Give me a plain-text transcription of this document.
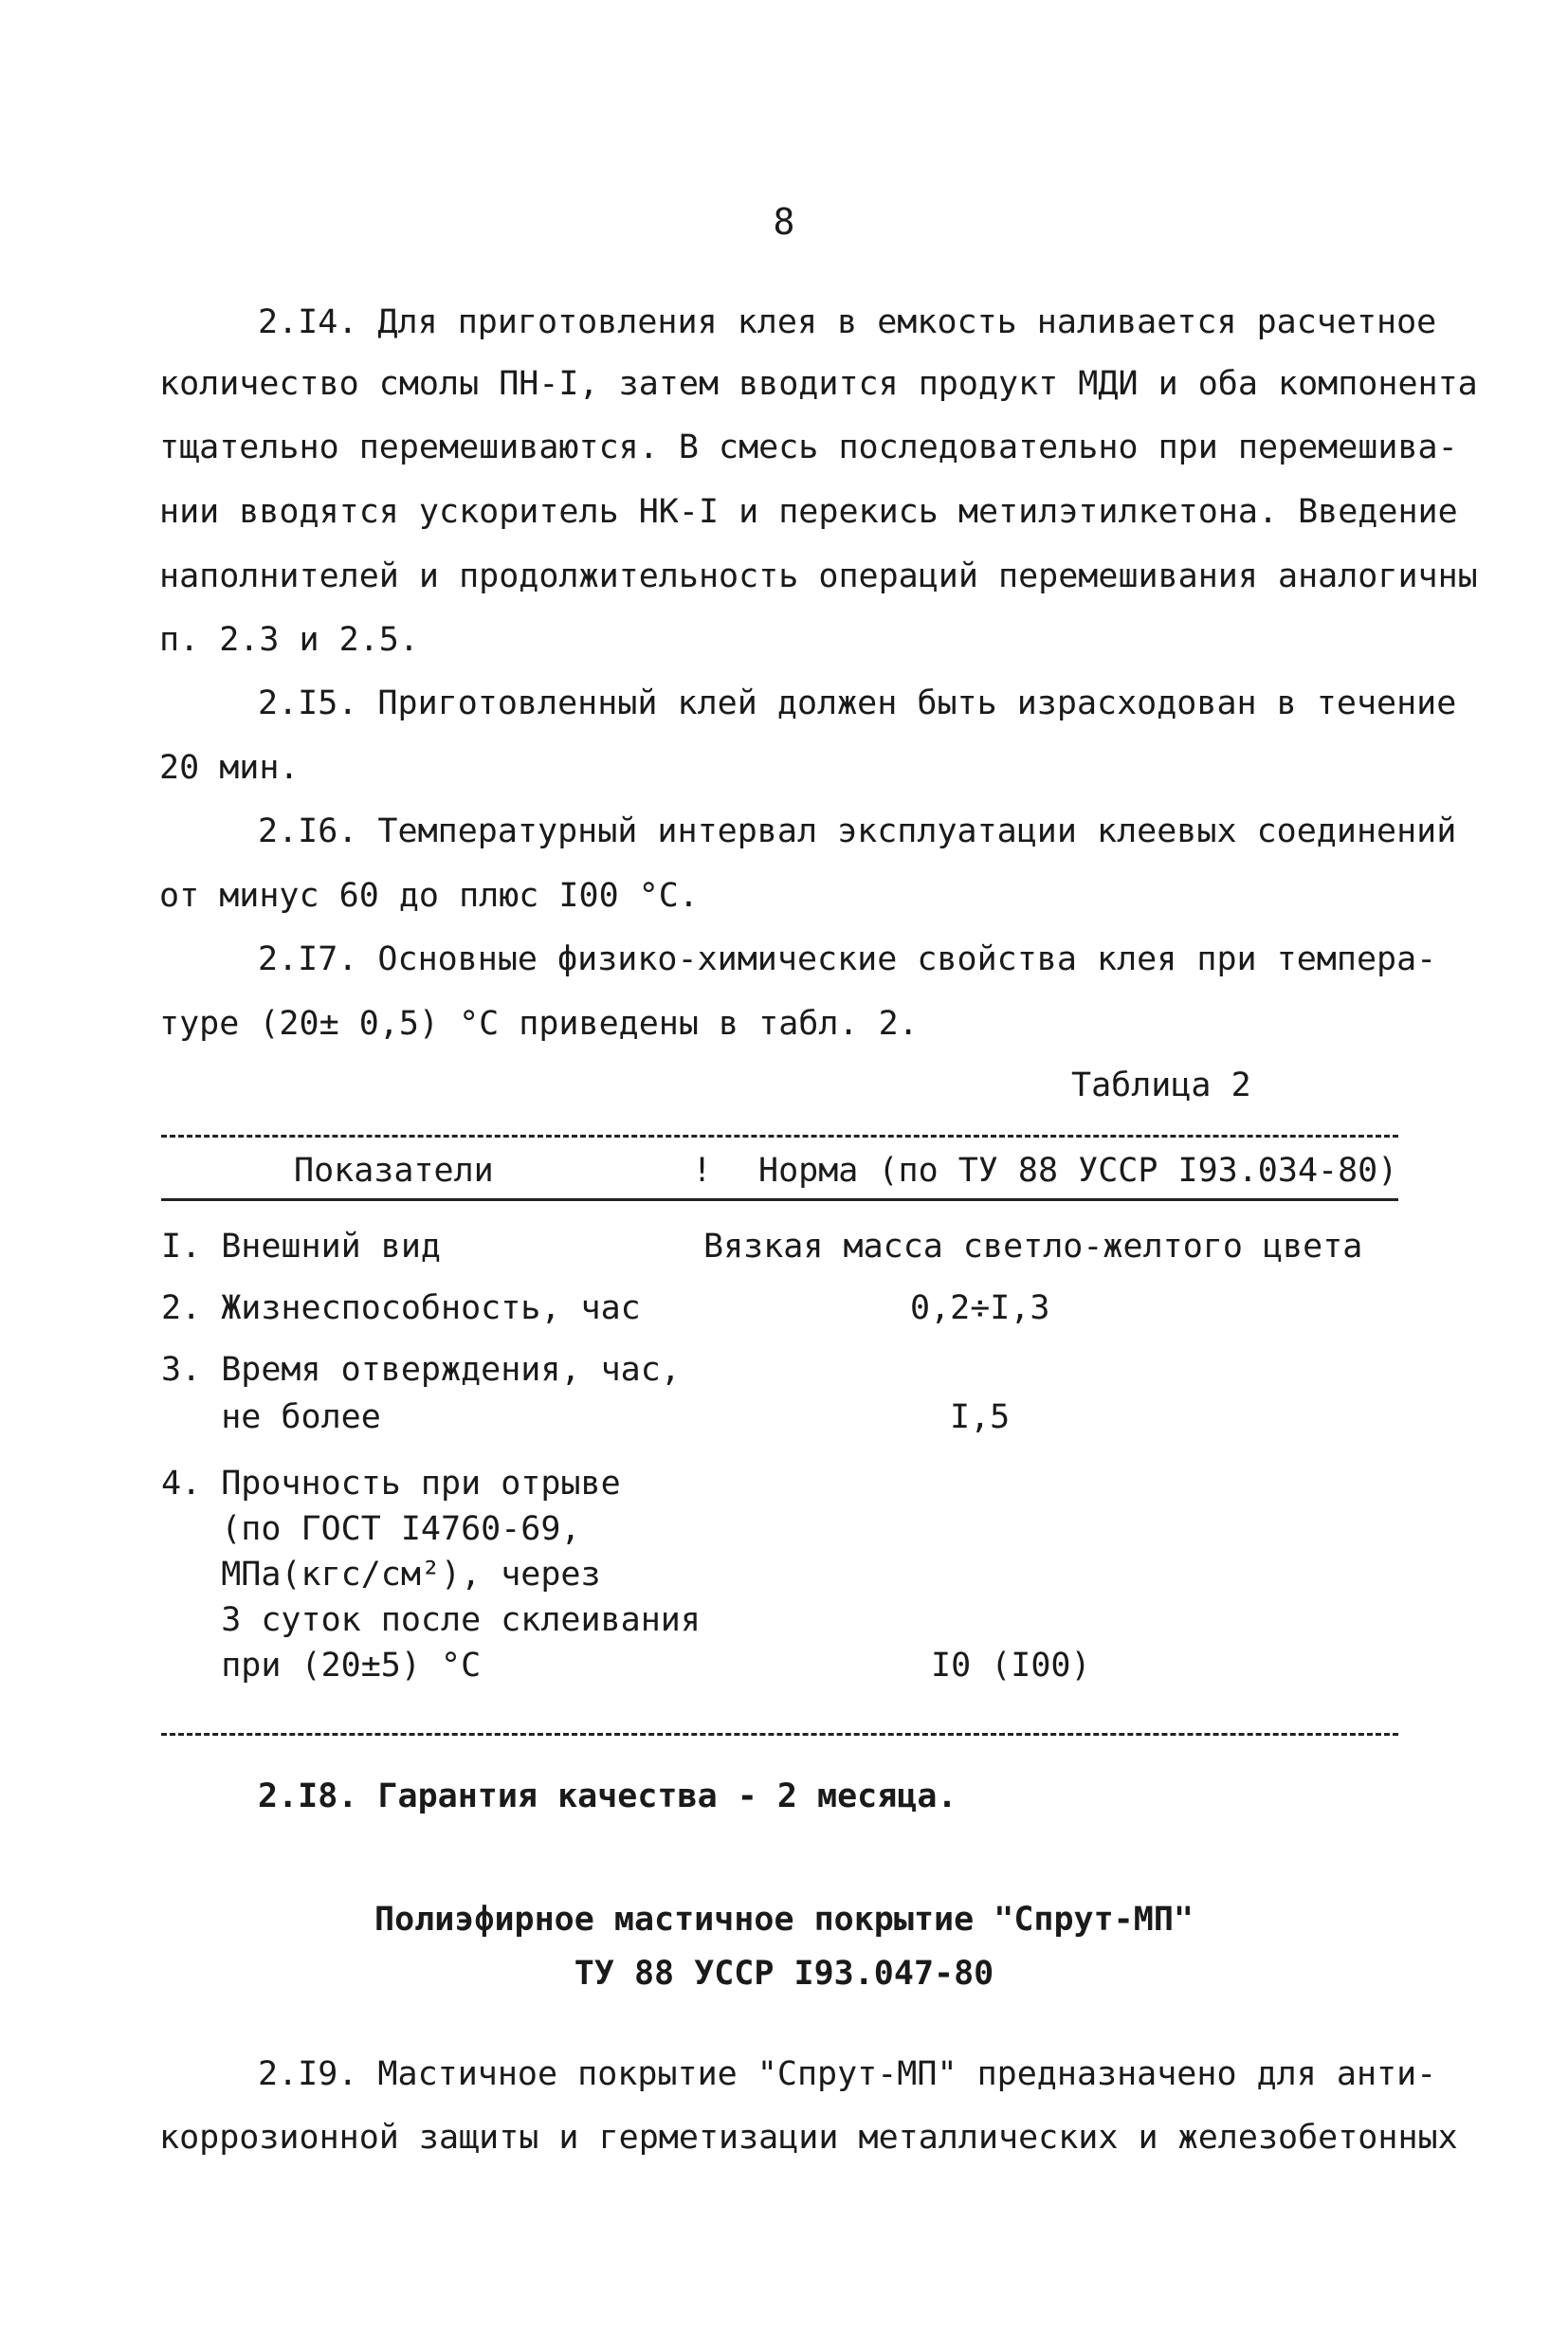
8
2.I4. Для приготовления клея в емкость наливается расчетное
количество смолы ПН-I, затем вводится продукт МДИ и оба компонента
тщательно перемешиваются. В смесь последовательно при перемешива-
нии вводятся ускоритель НК-I и перекись метилэтилкетона. Введение
наполнителей и продолжительность операций перемешивания аналогичны
п. 2.3 и 2.5.
2.I5. Приготовленный клей должен быть израсходован в течение
20 мин.
2.I6. Температурный интервал эксплуатации клеевых соединений
от минус 60 до плюс I00 °С.
2.I7. Основные физико-химические свойства клея при темпера-
туре (20± 0,5) °С приведены в табл. 2.
Таблица 2
Показатели	! Норма (по ТУ 88 УССР I93.034-80)
I. Внешний вид	Вязкая масса светло-желтого цвета
2. Жизнеспособность, час	0,2÷I,3
3. Время отверждения, час,
не более	I,5
4. Прочность при отрыве
(по ГОСТ I4760-69,
МПа(кгс/см²), через
3 суток после склеивания
при (20±5) °С	I0 (I00)
2.I8. Гарантия качества - 2 месяца.
Полиэфирное мастичное покрытие "Спрут-МП"
ТУ 88 УССР I93.047-80
2.I9. Мастичное покрытие "Спрут-МП" предназначено для анти-
коррозионной защиты и герметизации металлических и железобетонных
